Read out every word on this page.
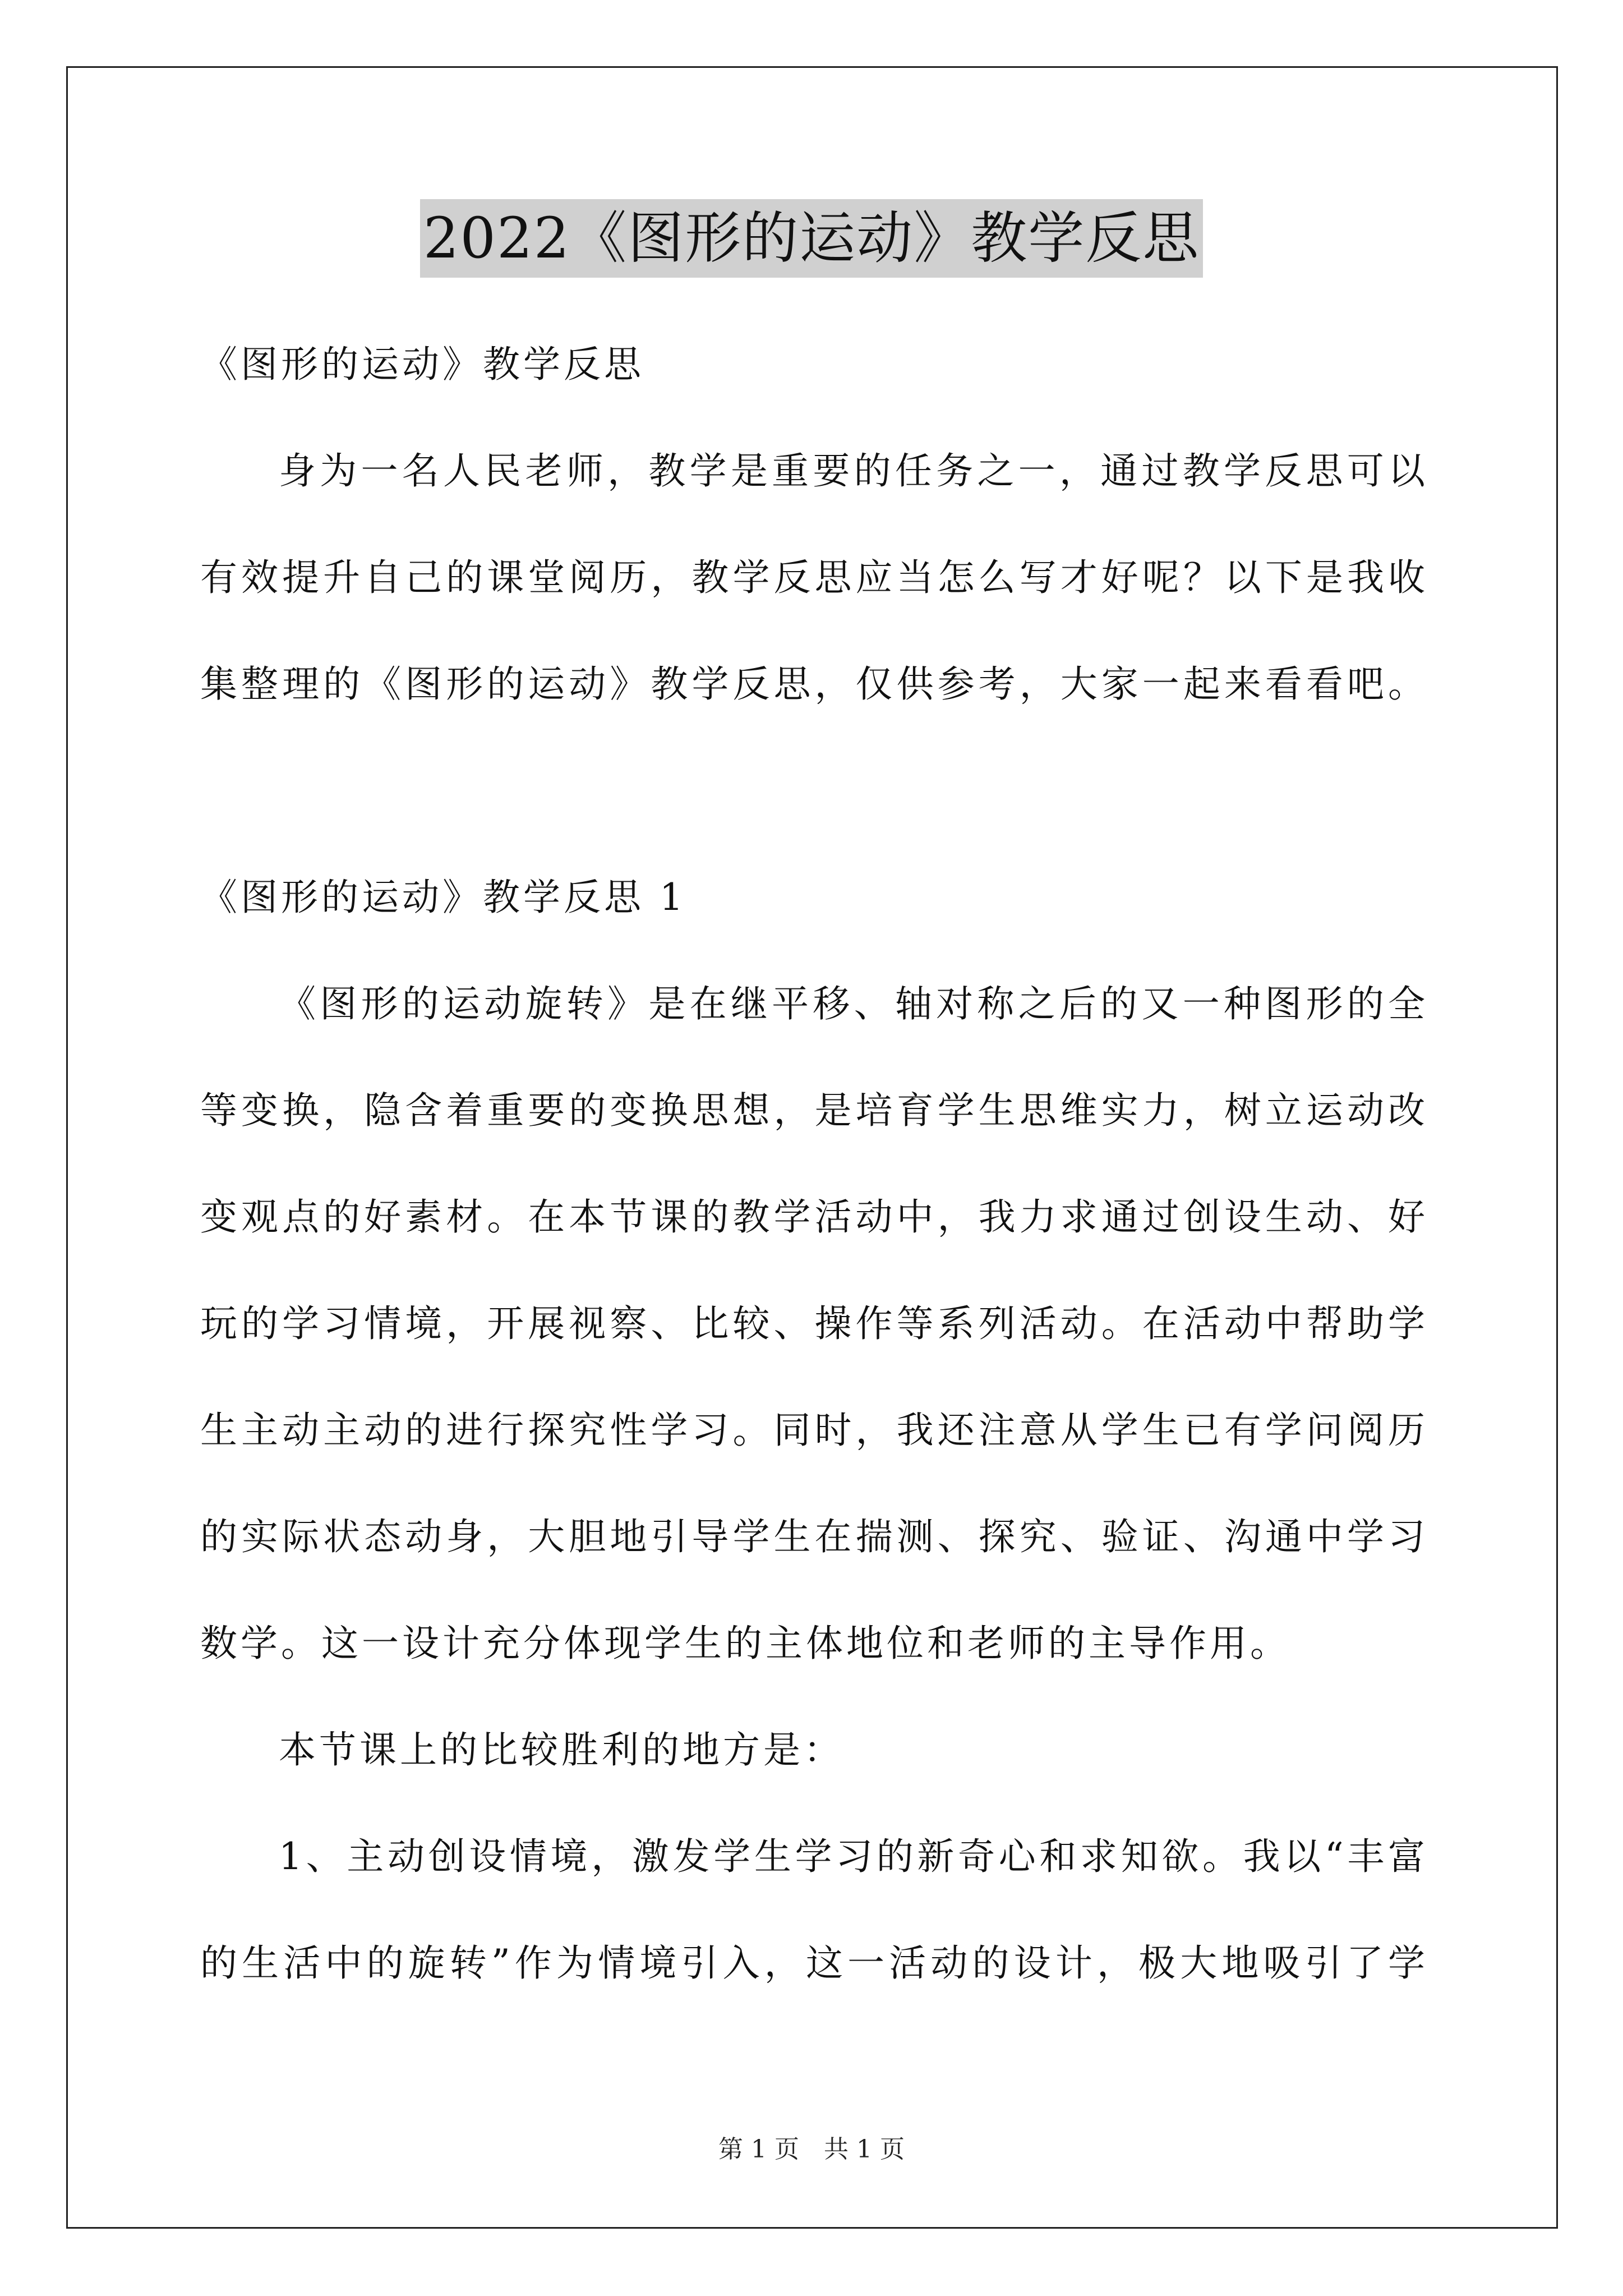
2022《图形的运动》教学反思
《图形的运动》教学反思
身为一名人民老师，教学是重要的任务之一，通过教学反思可以
有效提升自己的课堂阅历，教学反思应当怎么写才好呢？以下是我收
集整理的《图形的运动》教学反思，仅供参考，大家一起来看看吧。
《图形的运动》教学反思 1
《图形的运动旋转》是在继平移、轴对称之后的又一种图形的全
等变换，隐含着重要的变换思想，是培育学生思维实力，树立运动改
变观点的好素材。在本节课的教学活动中，我力求通过创设生动、好
玩的学习情境，开展视察、比较、操作等系列活动。在活动中帮助学
生主动主动的进行探究性学习。同时，我还注意从学生已有学问阅历
的实际状态动身，大胆地引导学生在揣测、探究、验证、沟通中学习
数学。这一设计充分体现学生的主体地位和老师的主导作用。
本节课上的比较胜利的地方是：
1、主动创设情境，激发学生学习的新奇心和求知欲。我以“丰富
的生活中的旋转”作为情境引入，这一活动的设计，极大地吸引了学
第 1 页　共 1 页
